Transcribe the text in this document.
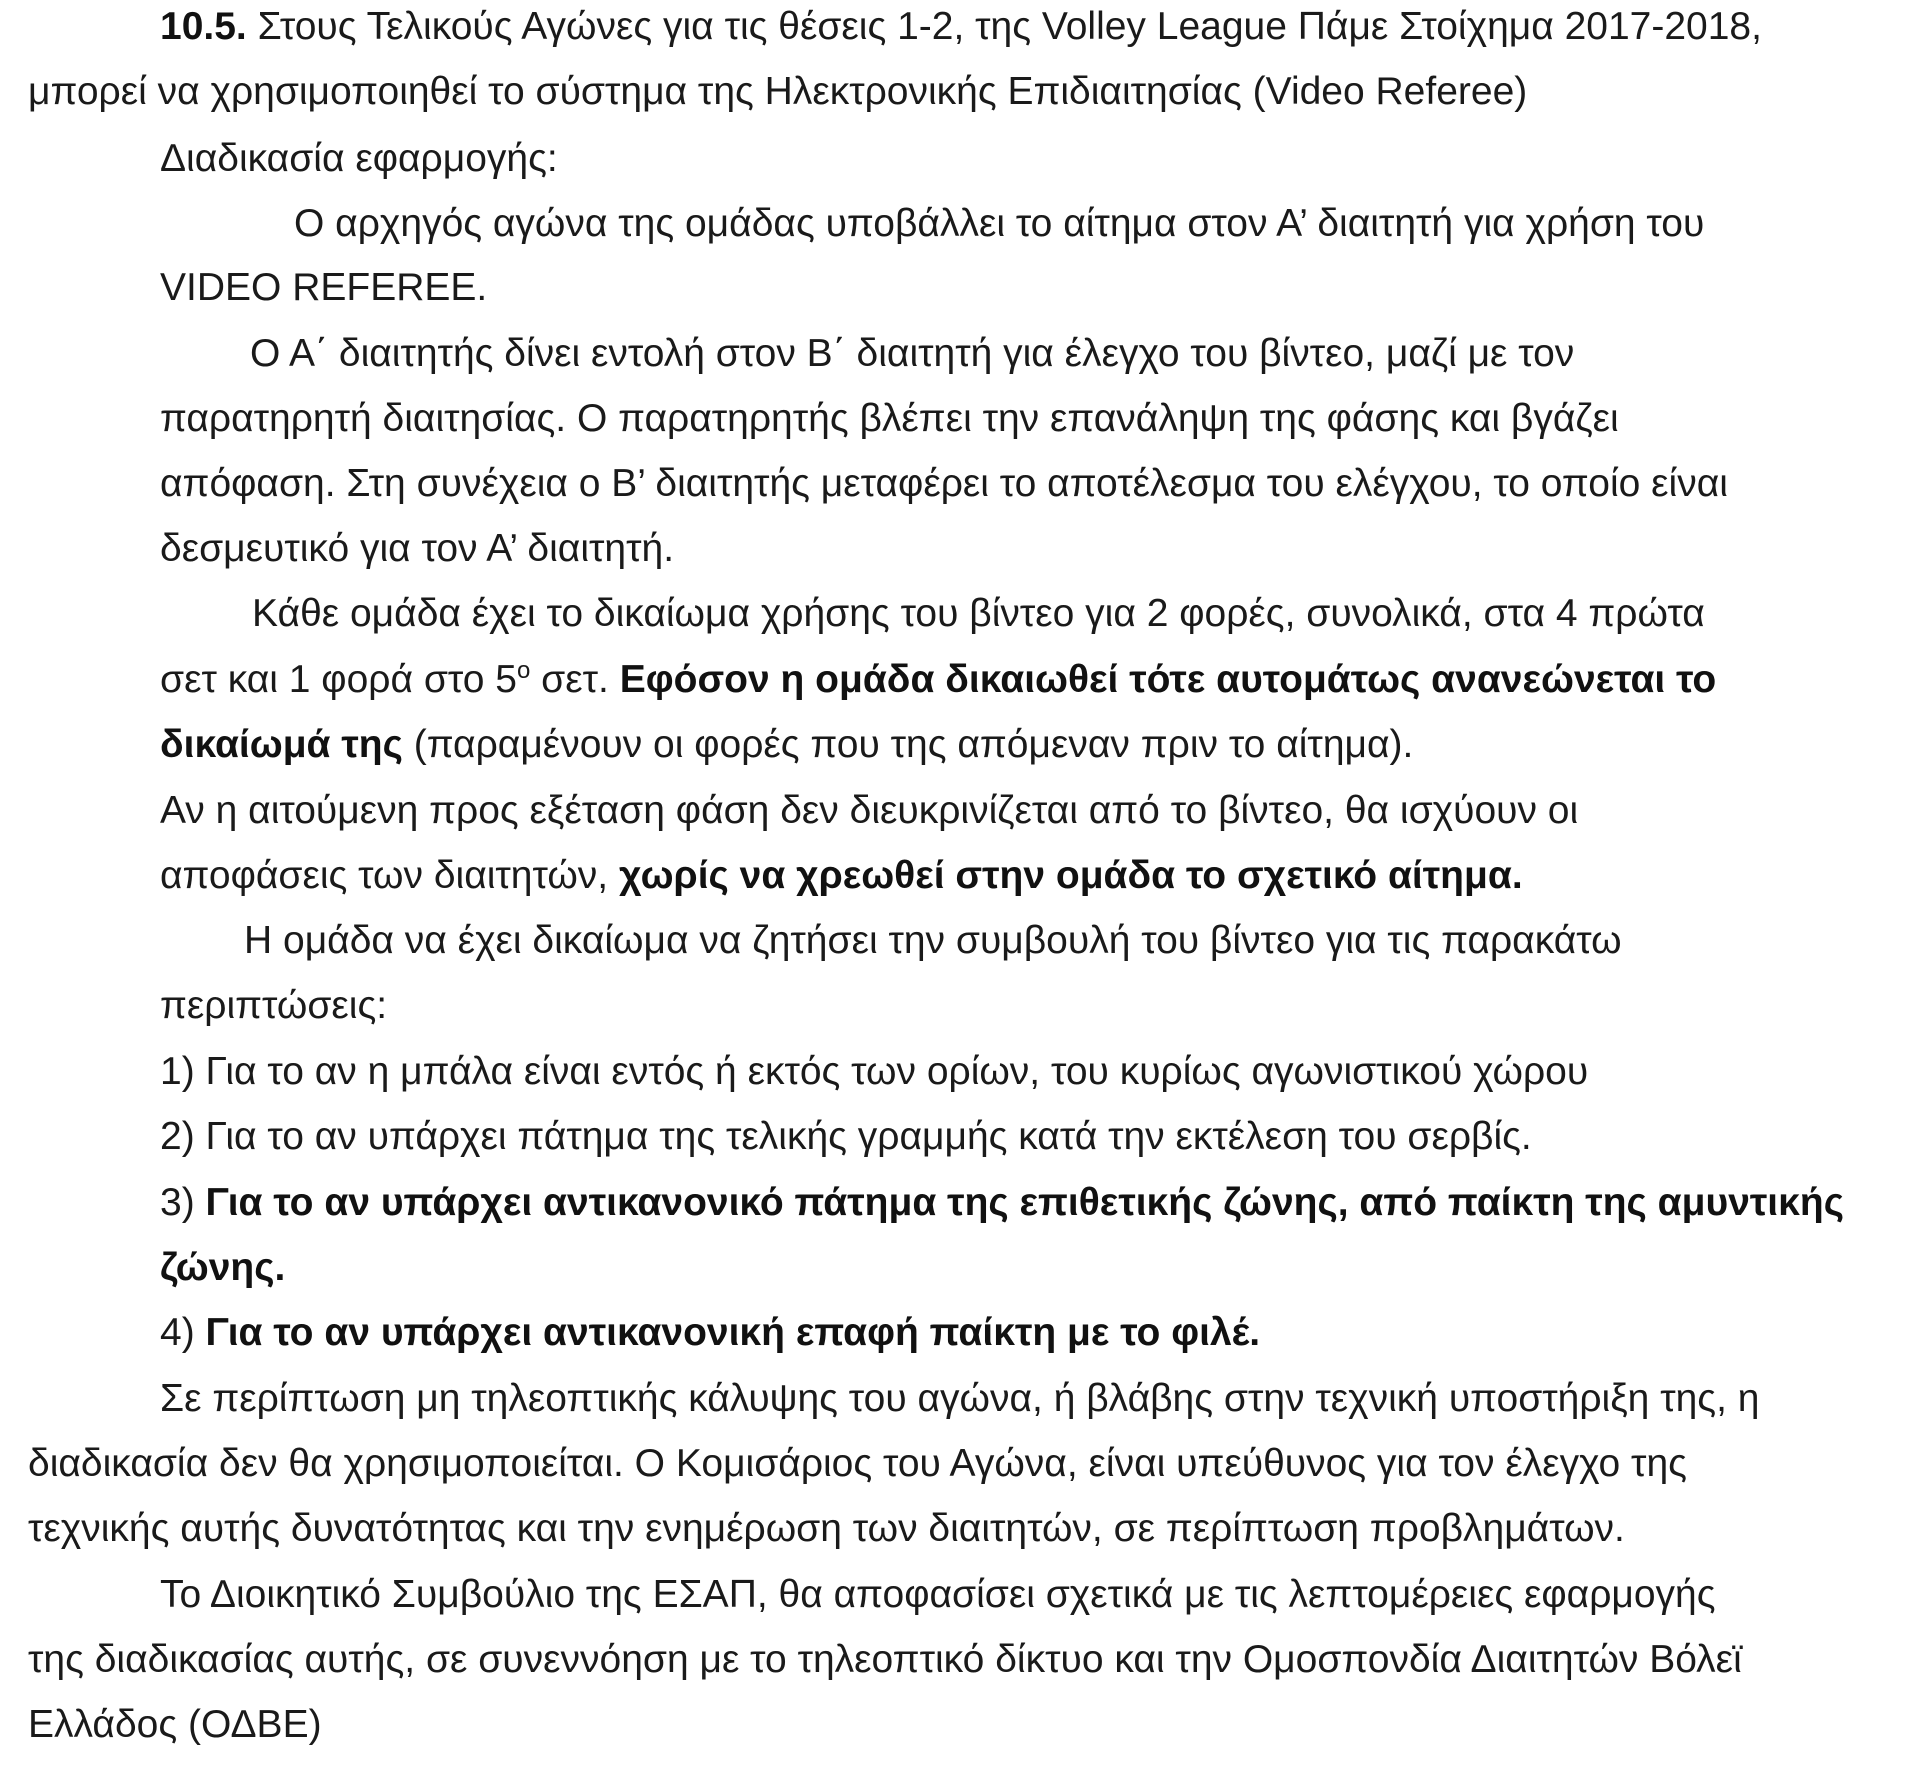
10.5. Στους Τελικούς Αγώνες για τις θέσεις 1-2, της Volley League Πάμε Στοίχημα 2017-2018,
μπορεί να χρησιμοποιηθεί το σύστημα της Ηλεκτρονικής Επιδιαιτησίας (Video Referee)
Διαδικασία εφαρμογής:
Ο αρχηγός αγώνα της ομάδας υποβάλλει το αίτημα στον Α’ διαιτητή για χρήση του
VIDEO REFEREE.
Ο Α΄ διαιτητής δίνει εντολή στον Β΄ διαιτητή για έλεγχο του βίντεο, μαζί με τον
παρατηρητή διαιτησίας. Ο παρατηρητής βλέπει την επανάληψη της φάσης και βγάζει
απόφαση. Στη συνέχεια ο Β’ διαιτητής μεταφέρει το αποτέλεσμα του ελέγχου, το οποίο είναι
δεσμευτικό για τον Α’ διαιτητή.
Κάθε ομάδα έχει το δικαίωμα χρήσης του βίντεο για 2 φορές, συνολικά, στα 4 πρώτα
σετ και 1 φορά στο $5^o$ σετ. Εφόσον η ομάδα δικαιωθεί τότε αυτομάτως ανανεώνεται το
δικαίωμά της (παραμένουν οι φορές που της απόμεναν πριν το αίτημα).
Αν η αιτούμενη προς εξέταση φάση δεν διευκρινίζεται από το βίντεο, θα ισχύουν οι
αποφάσεις των διαιτητών, χωρίς να χρεωθεί στην ομάδα το σχετικό αίτημα.
Η ομάδα να έχει δικαίωμα να ζητήσει την συμβουλή του βίντεο για τις παρακάτω
περιπτώσεις:
1) Για το αν η μπάλα είναι εντός ή εκτός των ορίων, του κυρίως αγωνιστικού χώρου
2) Για το αν υπάρχει πάτημα της τελικής γραμμής κατά την εκτέλεση του σερβίς.
3) Για το αν υπάρχει αντικανονικό πάτημα της επιθετικής ζώνης, από παίκτη της αμυντικής
ζώνης.
4) Για το αν υπάρχει αντικανονική επαφή παίκτη με το φιλέ.
Σε περίπτωση μη τηλεοπτικής κάλυψης του αγώνα, ή βλάβης στην τεχνική υποστήριξη της, η
διαδικασία δεν θα χρησιμοποιείται. Ο Κομισάριος του Αγώνα, είναι υπεύθυνος για τον έλεγχο της
τεχνικής αυτής δυνατότητας και την ενημέρωση των διαιτητών, σε περίπτωση προβλημάτων.
Το Διοικητικό Συμβούλιο της ΕΣΑΠ, θα αποφασίσει σχετικά με τις λεπτομέρειες εφαρμογής
της διαδικασίας αυτής, σε συνεννόηση με το τηλεοπτικό δίκτυο και την Ομοσπονδία Διαιτητών Βόλεϊ
Ελλάδος (ΟΔΒΕ)
